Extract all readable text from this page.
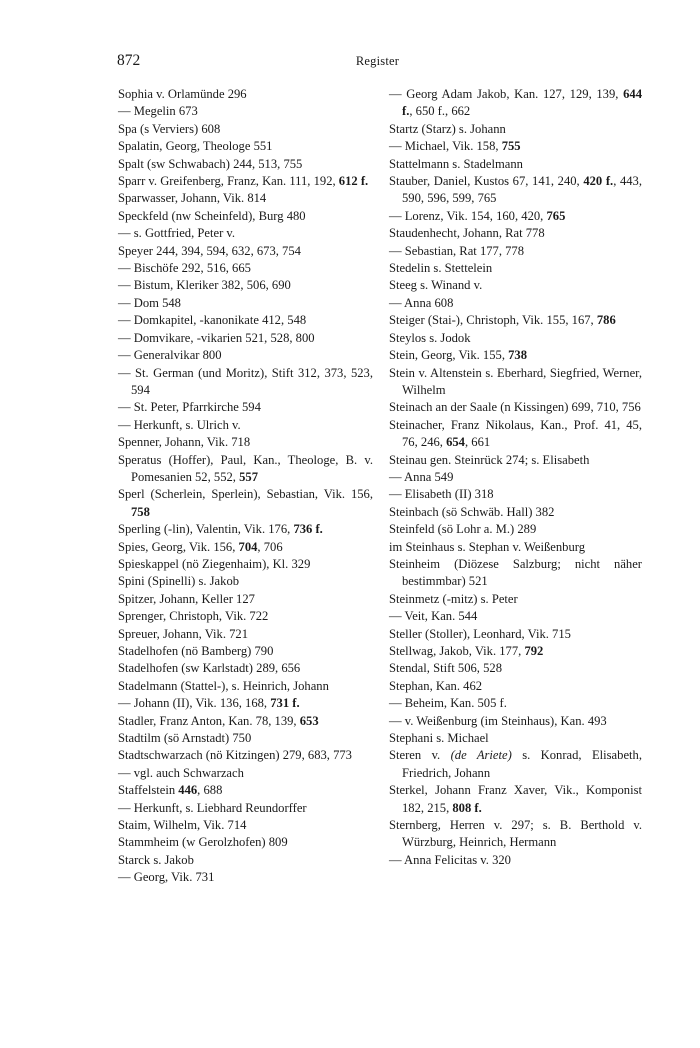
872	Register

Sophia v. Orlamünde 296

— Megelin 673

Spa (s Verviers) 608

Spalatin, Georg, Theologe 551

Spalt (sw Schwabach) 244, 513, 755

Sparr v. Greifenberg, Franz, Kan. 111, 192, 612 f.

Sparwasser, Johann, Vik. 814

Speckfeld (nw Scheinfeld), Burg 480

— s. Gottfried, Peter v.

Speyer 244, 394, 594, 632, 673, 754

— Bischöfe 292, 516, 665

— Bistum, Kleriker 382, 506, 690

— Dom 548

— Domkapitel, -kanonikate 412, 548

— Domvikare, -vikarien 521, 528, 800

— Generalvikar 800

— St. German (und Moritz), Stift 312, 373, 523, 594

— St. Peter, Pfarrkirche 594

— Herkunft, s. Ulrich v.

Spenner, Johann, Vik. 718

Speratus (Hoffer), Paul, Kan., Theologe, B. v. Pomesanien 52, 552, 557

Sperl (Scherlein, Sperlein), Sebastian, Vik. 156, 758

Sperling (-lin), Valentin, Vik. 176, 736 f.

Spies, Georg, Vik. 156, 704, 706

Spieskappel (nö Ziegenhaim), Kl. 329

Spini (Spinelli) s. Jakob

Spitzer, Johann, Keller 127

Sprenger, Christoph, Vik. 722

Spreuer, Johann, Vik. 721

Stadelhofen (nö Bamberg) 790

Stadelhofen (sw Karlstadt) 289, 656

Stadelmann (Stattel-), s. Heinrich, Johann

— Johann (II), Vik. 136, 168, 731 f.

Stadler, Franz Anton, Kan. 78, 139, 653

Stadtilm (sö Arnstadt) 750

Stadtschwarzach (nö Kitzingen) 279, 683, 773

— vgl. auch Schwarzach

Staffelstein 446, 688

— Herkunft, s. Liebhard Reundorffer

Staim, Wilhelm, Vik. 714

Stammheim (w Gerolzhofen) 809

Starck s. Jakob

— Georg, Vik. 731

— Georg Adam Jakob, Kan. 127, 129, 139, 644 f., 650 f., 662

Startz (Starz) s. Johann

— Michael, Vik. 158, 755

Stattelmann s. Stadelmann

Stauber, Daniel, Kustos 67, 141, 240, 420 f., 443, 590, 596, 599, 765

— Lorenz, Vik. 154, 160, 420, 765

Staudenhecht, Johann, Rat 778

— Sebastian, Rat 177, 778

Stedelin s. Stettelein

Steeg s. Winand v.

— Anna 608

Steiger (Stai-), Christoph, Vik. 155, 167, 786

Steylos s. Jodok

Stein, Georg, Vik. 155, 738

Stein v. Altenstein s. Eberhard, Siegfried, Werner, Wilhelm

Steinach an der Saale (n Kissingen) 699, 710, 756

Steinacher, Franz Nikolaus, Kan., Prof. 41, 45, 76, 246, 654, 661

Steinau gen. Steinrück 274; s. Elisabeth

— Anna 549

— Elisabeth (II) 318

Steinbach (sö Schwäb. Hall) 382

Steinfeld (sö Lohr a. M.) 289

im Steinhaus s. Stephan v. Weißenburg

Steinheim (Diözese Salzburg; nicht näher bestimmbar) 521

Steinmetz (-mitz) s. Peter

— Veit, Kan. 544

Steller (Stoller), Leonhard, Vik. 715

Stellwag, Jakob, Vik. 177, 792

Stendal, Stift 506, 528

Stephan, Kan. 462

— Beheim, Kan. 505 f.

— v. Weißenburg (im Steinhaus), Kan. 493

Stephani s. Michael

Steren v. (de Ariete) s. Konrad, Elisabeth, Friedrich, Johann

Sterkel, Johann Franz Xaver, Vik., Komponist 182, 215, 808 f.

Sternberg, Herren v. 297; s. B. Berthold v. Würzburg, Heinrich, Hermann

— Anna Felicitas v. 320
